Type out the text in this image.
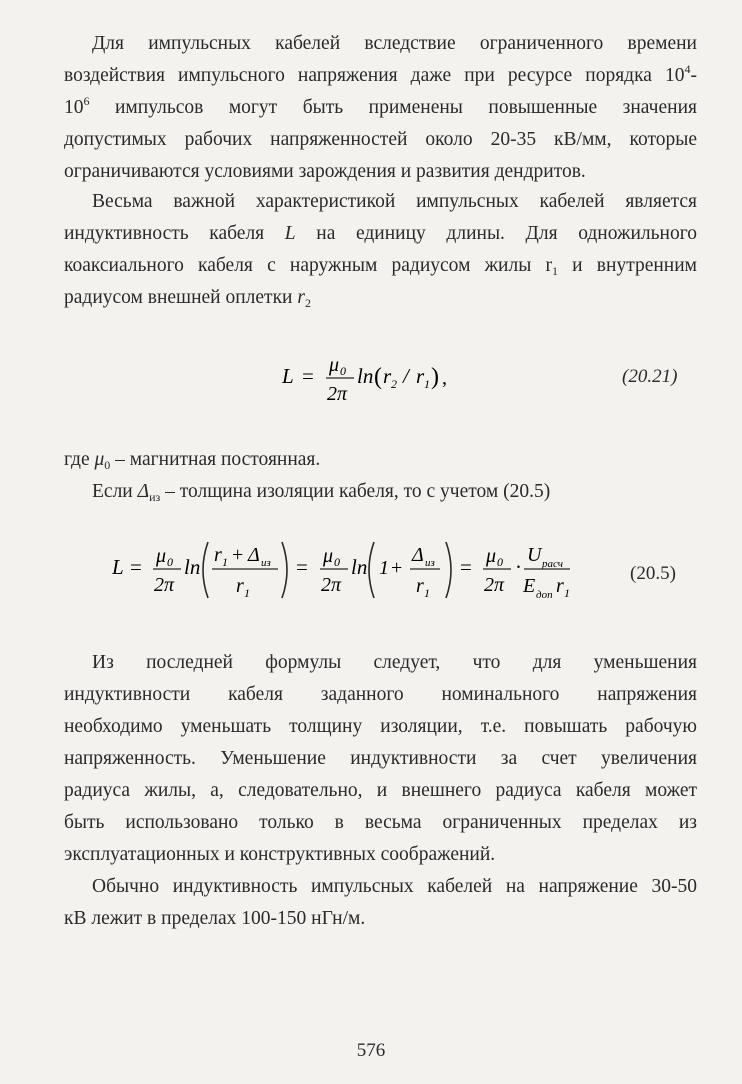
Для импульсных кабелей вследствие ограниченного времени
воздействия импульсного напряжения даже при ресурсе порядка $10^4-$
$10^6$ импульсов могут быть применены повышенные значения
допустимых рабочих напряженностей около 20-35 кВ/мм, которые
ограничиваются условиями зарождения и развития дендритов.
Весьма важной характеристикой импульсных кабелей является
индуктивность кабеля L на единицу длины. Для одножильного
коаксиального кабеля с наружным радиусом жилы $r_1$ и внутренним
радиусом внешней оплетки $r_2$
L = μ 0
2π
ln ( r 2 / r 1 ) ,	(20.21)
где $\mu_0$ – магнитная постоянная.
Если $\Delta_{из}$ – толщина изоляции кабеля, то с учетом (20.5)
L = μ 0
2π
ln r 1 + Δ из
r 1
= μ 0
2π
ln 1 +
Δ из
r 1
= μ 0
2π
· U расч
E доп r 1
(20.5)
Из последней формулы следует, что для уменьшения
индуктивности кабеля заданного номинального напряжения
необходимо уменьшать толщину изоляции, т.е. повышать рабочую
напряженность. Уменьшение индуктивности за счет увеличения
радиуса жилы, а, следовательно, и внешнего радиуса кабеля может
быть использовано только в весьма ограниченных пределах из
эксплуатационных и конструктивных соображений.
Обычно индуктивность импульсных кабелей на напряжение 30-50
кВ лежит в пределах 100-150 нГн/м.
576
